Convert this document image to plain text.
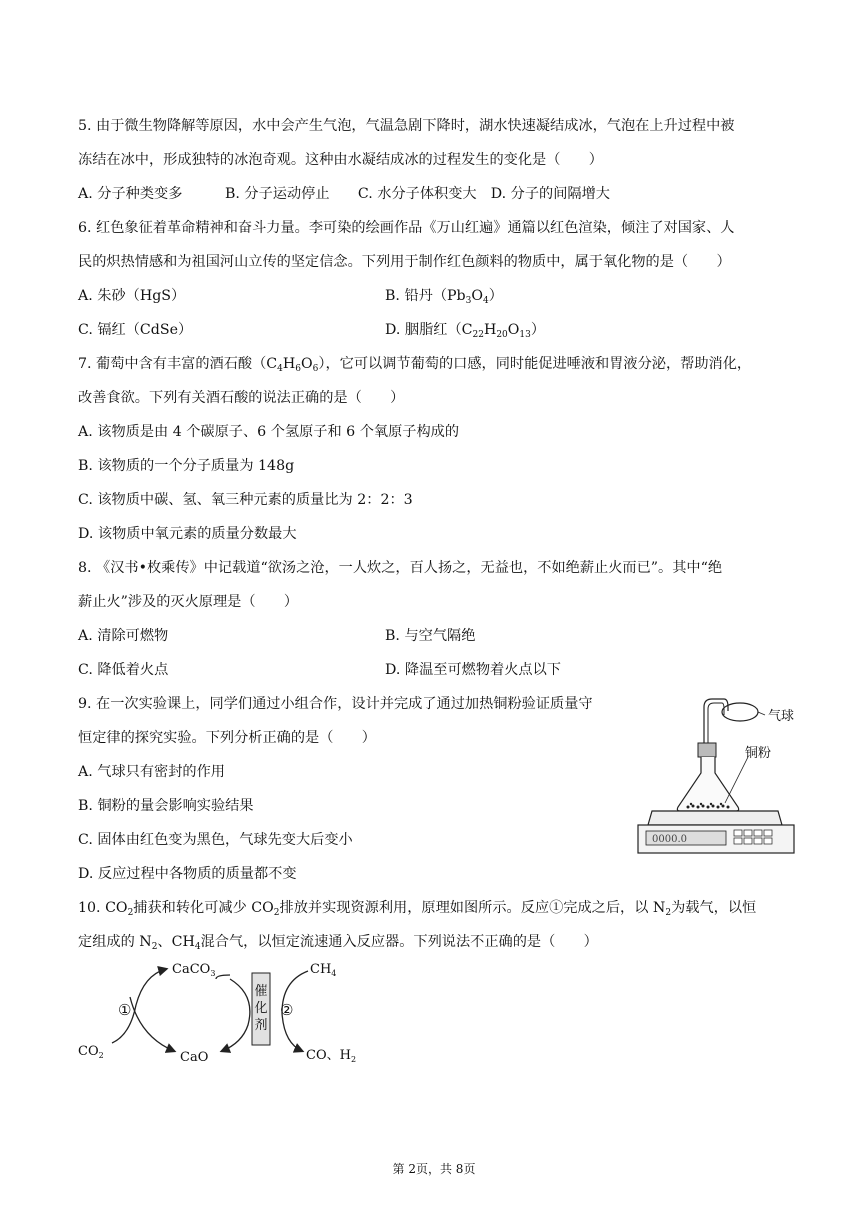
5. 由于微生物降解等原因，水中会产生气泡，气温急剧下降时，湖水快速凝结成冰，气泡在上升过程中被
冻结在冰中，形成独特的冰泡奇观。这种由水凝结成冰的过程发生的变化是（　　）
A. 分子种类变多　　　B. 分子运动停止　　C. 水分子体积变大　D. 分子的间隔增大
6. 红色象征着革命精神和奋斗力量。李可染的绘画作品《万山红遍》通篇以红色渲染，倾注了对国家、人
民的炽热情感和为祖国河山立传的坚定信念。下列用于制作红色颜料的物质中，属于氧化物的是（　　）
A. 朱砂（HgS）	B. 铅丹$(Pb_3O_4)$
C. 镉红（CdSe）	D. 胭脂红$(C_{22}H_{20}O_{13})$
7. 葡萄中含有丰富的酒石酸$(C_4H_6O_6)$，它可以调节葡萄的口感，同时能促进唾液和胃液分泌，帮助消化，
改善食欲。下列有关酒石酸的说法正确的是（　　）
A. 该物质是由 4 个碳原子、6 个氢原子和 6 个氧原子构成的
B. 该物质的一个分子质量为 148g
C. 该物质中碳、氢、氧三种元素的质量比为 2：2：3
D. 该物质中氧元素的质量分数最大
8. 《汉书•枚乘传》中记载道“欲汤之沧，一人炊之，百人扬之，无益也，不如绝薪止火而已”。其中“绝
薪止火”涉及的灭火原理是（　　）
A. 清除可燃物	B. 与空气隔绝
C. 降低着火点	D. 降温至可燃物着火点以下
9. 在一次实验课上，同学们通过小组合作，设计并完成了通过加热铜粉验证质量守
恒定律的探究实验。下列分析正确的是（　　）
A. 气球只有密封的作用
B. 铜粉的量会影响实验结果
C. 固体由红色变为黑色，气球先变大后变小
D. 反应过程中各物质的质量都不变
气球
铜粉
0000.0
10. $CO_2$捕获和转化可减少 $CO_2$排放并实现资源利用，原理如图所示。反应①完成之后，以 $N_2$为载气，以恒
定组成的 $N_2$、$CH_4$混合气，以恒定流速通入反应器。下列说法不正确的是（　　）
催化剂
CaCO$_3$	$CH_4$
$CO_2$	CaO	CO、$H_2$
①	②
第 2页，共 8页
